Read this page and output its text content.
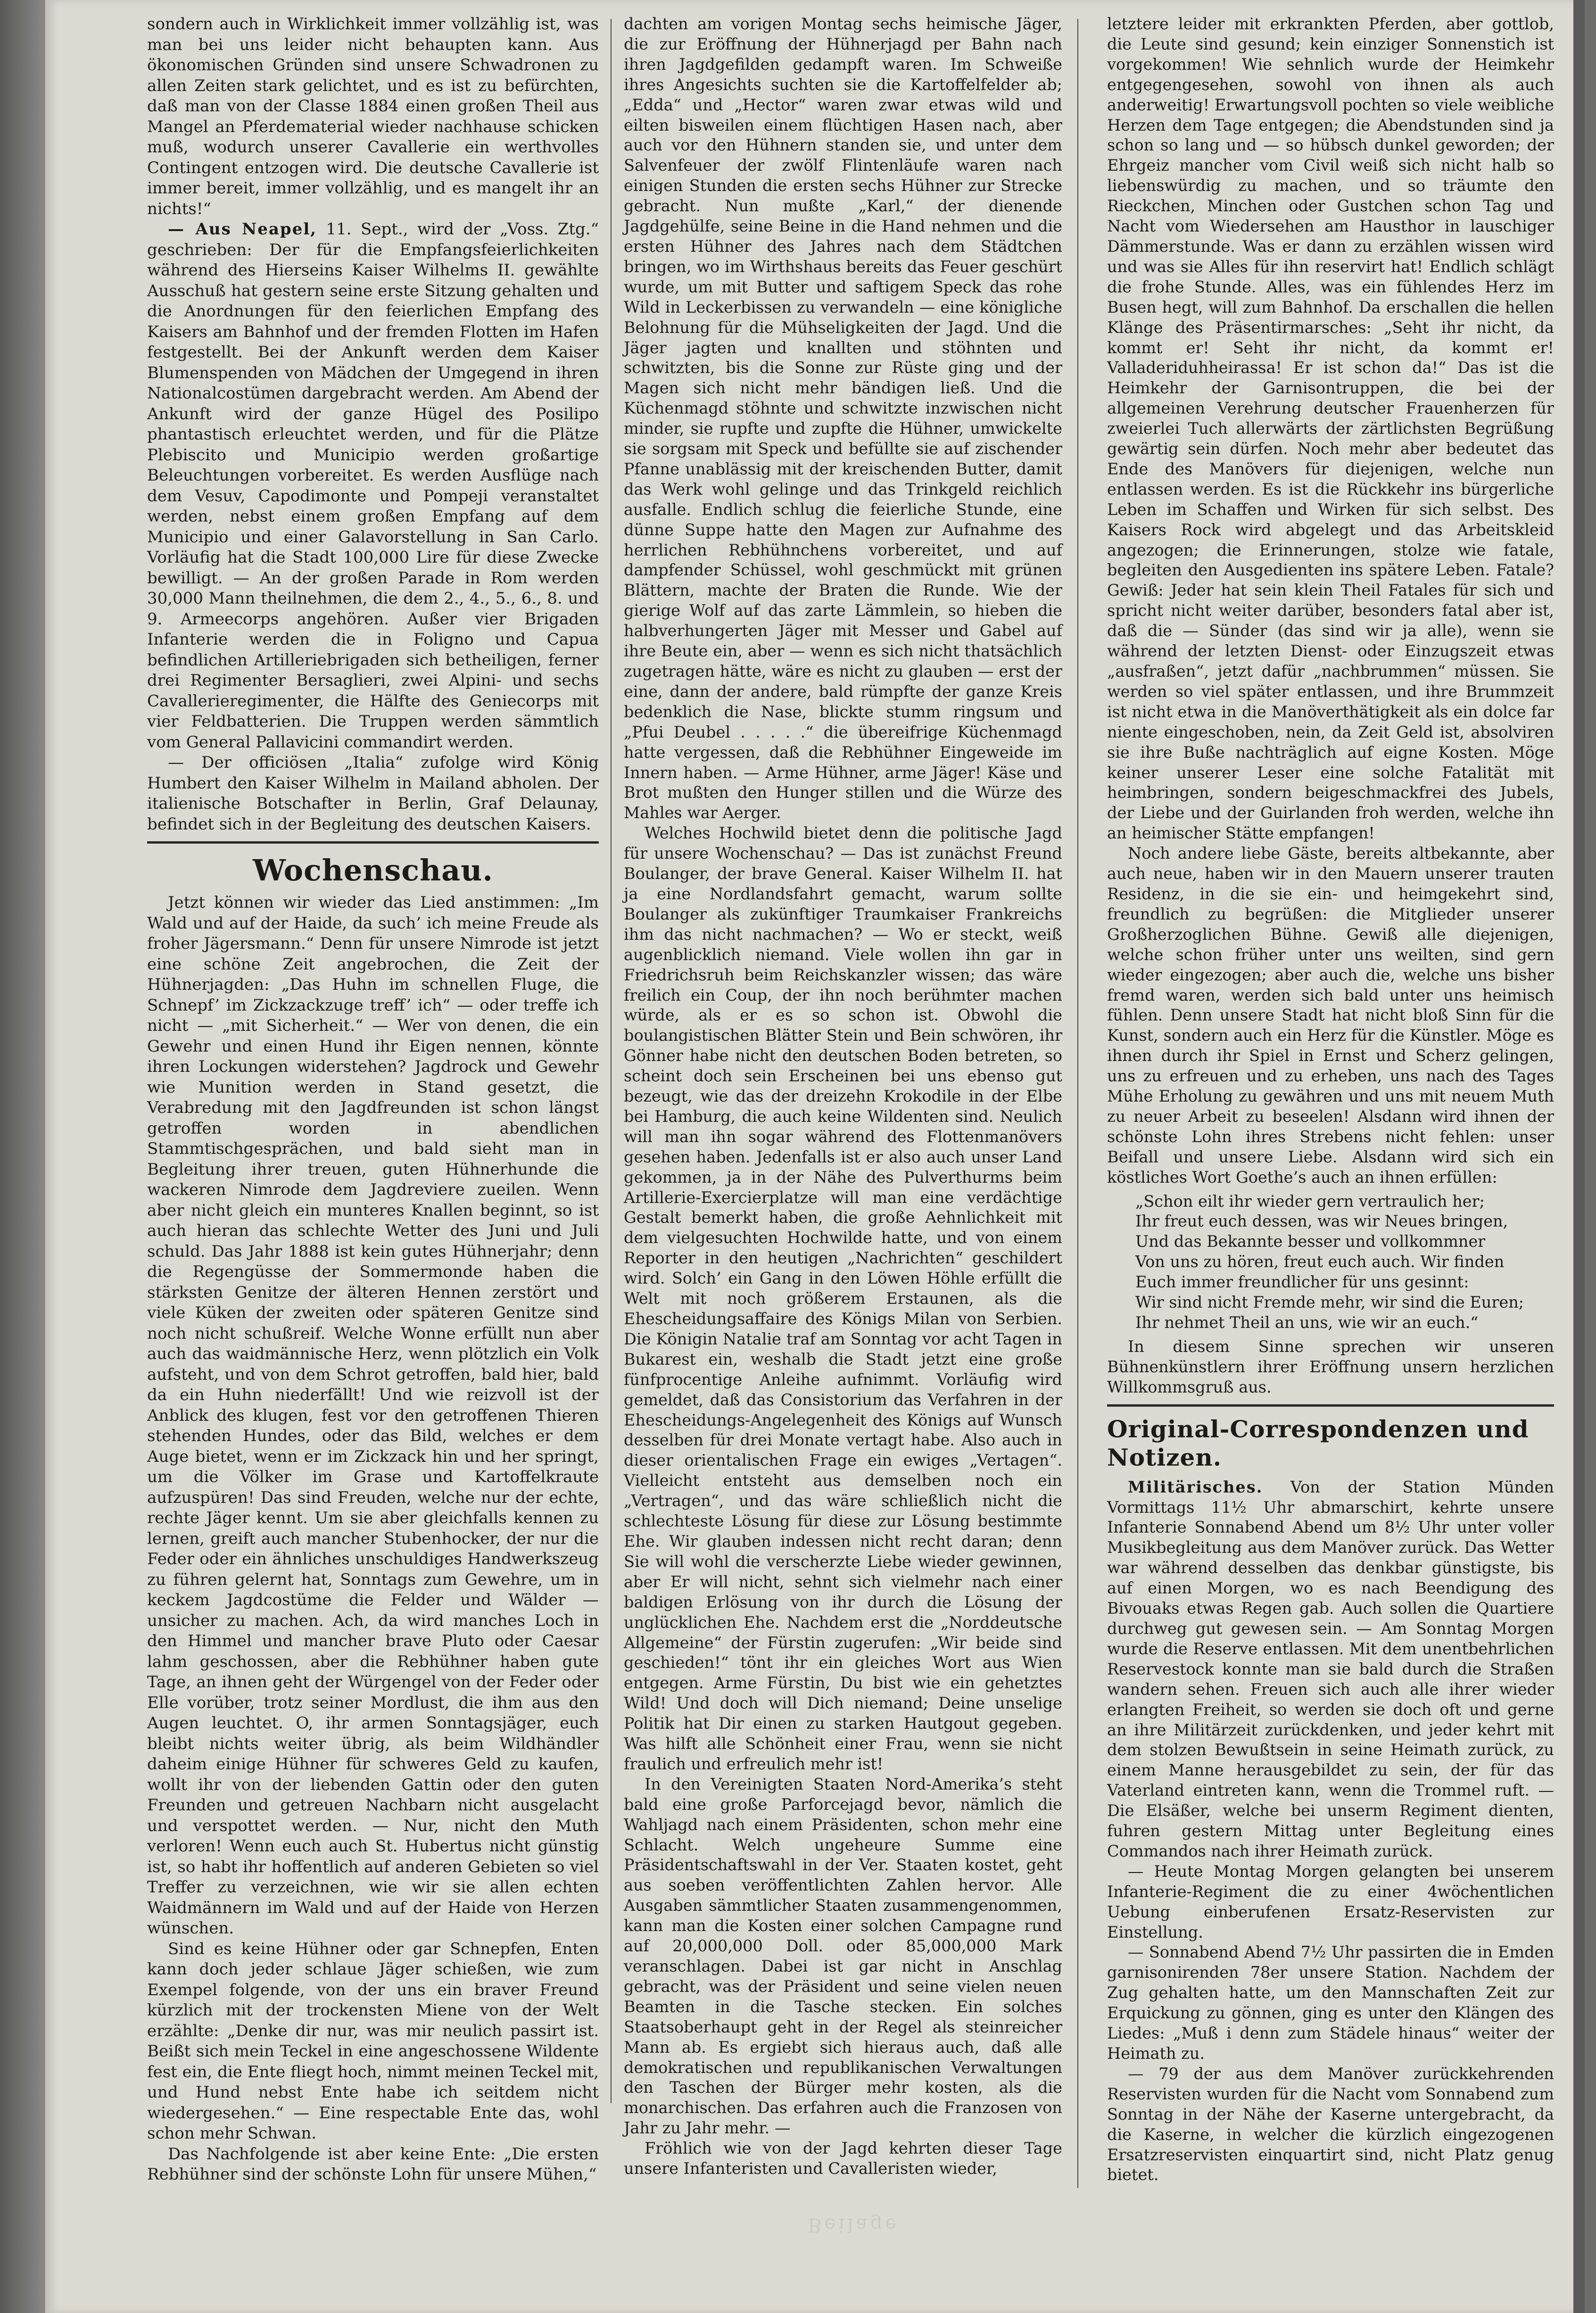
sondern auch in Wirklichkeit immer vollzählig ist, was man bei uns leider nicht behaupten kann. Aus ökonomischen Gründen sind unsere Schwadronen zu allen Zeiten stark gelichtet, und es ist zu befürchten, daß man von der Classe 1884 einen großen Theil aus Mangel an Pferdematerial wieder nachhause schicken muß, wodurch unserer Cavallerie ein werthvolles Contingent entzogen wird. Die deutsche Cavallerie ist immer bereit, immer vollzählig, und es mangelt ihr an nichts!“

— Aus Neapel, 11. Sept., wird der „Voss. Ztg.“ geschrieben: Der für die Empfangsfeierlichkeiten während des Hierseins Kaiser Wilhelms II. gewählte Ausschuß hat gestern seine erste Sitzung gehalten und die Anordnungen für den feierlichen Empfang des Kaisers am Bahnhof und der fremden Flotten im Hafen festgestellt. Bei der Ankunft werden dem Kaiser Blumenspenden von Mädchen der Umgegend in ihren Nationalcostümen dargebracht werden. Am Abend der Ankunft wird der ganze Hügel des Posilipo phantastisch erleuchtet werden, und für die Plätze Plebiscito und Municipio werden großartige Beleuchtungen vorbereitet. Es werden Ausflüge nach dem Vesuv, Capodimonte und Pompeji veranstaltet werden, nebst einem großen Empfang auf dem Municipio und einer Galavorstellung in San Carlo. Vorläufig hat die Stadt 100,000 Lire für diese Zwecke bewilligt. — An der großen Parade in Rom werden 30,000 Mann theilnehmen, die dem 2., 4., 5., 6., 8. und 9. Armeecorps angehören. Außer vier Brigaden Infanterie werden die in Foligno und Capua befindlichen Artilleriebrigaden sich betheiligen, ferner drei Regimenter Bersaglieri, zwei Alpini- und sechs Cavallerieregimenter, die Hälfte des Geniecorps mit vier Feldbatterien. Die Truppen werden sämmtlich vom General Pallavicini commandirt werden.

— Der officiösen „Italia“ zufolge wird König Humbert den Kaiser Wilhelm in Mailand abholen. Der italienische Botschafter in Berlin, Graf Delaunay, befindet sich in der Begleitung des deutschen Kaisers.

Wochenschau.

Jetzt können wir wieder das Lied anstimmen: „Im Wald und auf der Haide, da such’ ich meine Freude als froher Jägersmann.“ Denn für unsere Nimrode ist jetzt eine schöne Zeit angebrochen, die Zeit der Hühnerjagden: „Das Huhn im schnellen Fluge, die Schnepf’ im Zickzackzuge treff’ ich“ — oder treffe ich nicht — „mit Sicherheit.“ — Wer von denen, die ein Gewehr und einen Hund ihr Eigen nennen, könnte ihren Lockungen widerstehen? Jagdrock und Gewehr wie Munition werden in Stand gesetzt, die Verabredung mit den Jagdfreunden ist schon längst getroffen worden in abendlichen Stammtischgesprächen, und bald sieht man in Begleitung ihrer treuen, guten Hühnerhunde die wackeren Nimrode dem Jagdreviere zueilen. Wenn aber nicht gleich ein munteres Knallen beginnt, so ist auch hieran das schlechte Wetter des Juni und Juli schuld. Das Jahr 1888 ist kein gutes Hühnerjahr; denn die Regengüsse der Sommermonde haben die stärksten Genitze der älteren Hennen zerstört und viele Küken der zweiten oder späteren Genitze sind noch nicht schußreif. Welche Wonne erfüllt nun aber auch das waidmännische Herz, wenn plötzlich ein Volk aufsteht, und von dem Schrot getroffen, bald hier, bald da ein Huhn niederfällt! Und wie reizvoll ist der Anblick des klugen, fest vor den getroffenen Thieren stehenden Hundes, oder das Bild, welches er dem Auge bietet, wenn er im Zickzack hin und her springt, um die Völker im Grase und Kartoffelkraute aufzuspüren! Das sind Freuden, welche nur der echte, rechte Jäger kennt. Um sie aber gleichfalls kennen zu lernen, greift auch mancher Stubenhocker, der nur die Feder oder ein ähnliches unschuldiges Handwerkszeug zu führen gelernt hat, Sonntags zum Gewehre, um in keckem Jagdcostüme die Felder und Wälder — unsicher zu machen. Ach, da wird manches Loch in den Himmel und mancher brave Pluto oder Caesar lahm geschossen, aber die Rebhühner haben gute Tage, an ihnen geht der Würgengel von der Feder oder Elle vorüber, trotz seiner Mordlust, die ihm aus den Augen leuchtet. O, ihr armen Sonntagsjäger, euch bleibt nichts weiter übrig, als beim Wildhändler daheim einige Hühner für schweres Geld zu kaufen, wollt ihr von der liebenden Gattin oder den guten Freunden und getreuen Nachbarn nicht ausgelacht und verspottet werden. — Nur, nicht den Muth verloren! Wenn euch auch St. Hubertus nicht günstig ist, so habt ihr hoffentlich auf anderen Gebieten so viel Treffer zu verzeichnen, wie wir sie allen echten Waidmännern im Wald und auf der Haide von Herzen wünschen.

Sind es keine Hühner oder gar Schnepfen, Enten kann doch jeder schlaue Jäger schießen, wie zum Exempel folgende, von der uns ein braver Freund kürzlich mit der trockensten Miene von der Welt erzählte: „Denke dir nur, was mir neulich passirt ist. Beißt sich mein Teckel in eine angeschossene Wildente fest ein, die Ente fliegt hoch, nimmt meinen Teckel mit, und Hund nebst Ente habe ich seitdem nicht wiedergesehen.“ — Eine respectable Ente das, wohl schon mehr Schwan.

Das Nachfolgende ist aber keine Ente: „Die ersten Rebhühner sind der schönste Lohn für unsere Mühen,“

dachten am vorigen Montag sechs heimische Jäger, die zur Eröffnung der Hühnerjagd per Bahn nach ihren Jagdgefilden gedampft waren. Im Schweiße ihres Angesichts suchten sie die Kartoffelfelder ab; „Edda“ und „Hector“ waren zwar etwas wild und eilten bisweilen einem flüchtigen Hasen nach, aber auch vor den Hühnern standen sie, und unter dem Salvenfeuer der zwölf Flintenläufe waren nach einigen Stunden die ersten sechs Hühner zur Strecke gebracht. Nun mußte „Karl,“ der dienende Jagdgehülfe, seine Beine in die Hand nehmen und die ersten Hühner des Jahres nach dem Städtchen bringen, wo im Wirthshaus bereits das Feuer geschürt wurde, um mit Butter und saftigem Speck das rohe Wild in Leckerbissen zu verwandeln — eine königliche Belohnung für die Mühseligkeiten der Jagd. Und die Jäger jagten und knallten und stöhnten und schwitzten, bis die Sonne zur Rüste ging und der Magen sich nicht mehr bändigen ließ. Und die Küchenmagd stöhnte und schwitzte inzwischen nicht minder, sie rupfte und zupfte die Hühner, umwickelte sie sorgsam mit Speck und befüllte sie auf zischender Pfanne unablässig mit der kreischenden Butter, damit das Werk wohl gelinge und das Trinkgeld reichlich ausfalle. Endlich schlug die feierliche Stunde, eine dünne Suppe hatte den Magen zur Aufnahme des herrlichen Rebhühnchens vorbereitet, und auf dampfender Schüssel, wohl geschmückt mit grünen Blättern, machte der Braten die Runde. Wie der gierige Wolf auf das zarte Lämmlein, so hieben die halbverhungerten Jäger mit Messer und Gabel auf ihre Beute ein, aber — wenn es sich nicht thatsächlich zugetragen hätte, wäre es nicht zu glauben — erst der eine, dann der andere, bald rümpfte der ganze Kreis bedenklich die Nase, blickte stumm ringsum und „Pfui Deubel . . . . .“ die übereifrige Küchenmagd hatte vergessen, daß die Rebhühner Eingeweide im Innern haben. — Arme Hühner, arme Jäger! Käse und Brot mußten den Hunger stillen und die Würze des Mahles war Aerger.

Welches Hochwild bietet denn die politische Jagd für unsere Wochenschau? — Das ist zunächst Freund Boulanger, der brave General. Kaiser Wilhelm II. hat ja eine Nordlandsfahrt gemacht, warum sollte Boulanger als zukünftiger Traumkaiser Frankreichs ihm das nicht nachmachen? — Wo er steckt, weiß augenblicklich niemand. Viele wollen ihn gar in Friedrichsruh beim Reichskanzler wissen; das wäre freilich ein Coup, der ihn noch berühmter machen würde, als er es so schon ist. Obwohl die boulangistischen Blätter Stein und Bein schwören, ihr Gönner habe nicht den deutschen Boden betreten, so scheint doch sein Erscheinen bei uns ebenso gut bezeugt, wie das der dreizehn Krokodile in der Elbe bei Hamburg, die auch keine Wildenten sind. Neulich will man ihn sogar während des Flottenmanövers gesehen haben. Jedenfalls ist er also auch unser Land gekommen, ja in der Nähe des Pulverthurms beim Artillerie-Exercierplatze will man eine verdächtige Gestalt bemerkt haben, die große Aehnlichkeit mit dem vielgesuchten Hochwilde hatte, und von einem Reporter in den heutigen „Nachrichten“ geschildert wird. Solch’ ein Gang in den Löwen Höhle erfüllt die Welt mit noch größerem Erstaunen, als die Ehescheidungsaffaire des Königs Milan von Serbien. Die Königin Natalie traf am Sonntag vor acht Tagen in Bukarest ein, weshalb die Stadt jetzt eine große fünfprocentige Anleihe aufnimmt. Vorläufig wird gemeldet, daß das Consistorium das Verfahren in der Ehescheidungs-Angelegenheit des Königs auf Wunsch desselben für drei Monate vertagt habe. Also auch in dieser orientalischen Frage ein ewiges „Vertagen“. Vielleicht entsteht aus demselben noch ein „Vertragen“, und das wäre schließlich nicht die schlechteste Lösung für diese zur Lösung bestimmte Ehe. Wir glauben indessen nicht recht daran; denn Sie will wohl die verscherzte Liebe wieder gewinnen, aber Er will nicht, sehnt sich vielmehr nach einer baldigen Erlösung von ihr durch die Lösung der unglücklichen Ehe. Nachdem erst die „Norddeutsche Allgemeine“ der Fürstin zugerufen: „Wir beide sind geschieden!“ tönt ihr ein gleiches Wort aus Wien entgegen. Arme Fürstin, Du bist wie ein gehetztes Wild! Und doch will Dich niemand; Deine unselige Politik hat Dir einen zu starken Hautgout gegeben. Was hilft alle Schönheit einer Frau, wenn sie nicht fraulich und erfreulich mehr ist!

In den Vereinigten Staaten Nord-Amerika’s steht bald eine große Parforcejagd bevor, nämlich die Wahljagd nach einem Präsidenten, schon mehr eine Schlacht. Welch ungeheure Summe eine Präsidentschaftswahl in der Ver. Staaten kostet, geht aus soeben veröffentlichten Zahlen hervor. Alle Ausgaben sämmtlicher Staaten zusammengenommen, kann man die Kosten einer solchen Campagne rund auf 20,000,000 Doll. oder 85,000,000 Mark veranschlagen. Dabei ist gar nicht in Anschlag gebracht, was der Präsident und seine vielen neuen Beamten in die Tasche stecken. Ein solches Staatsoberhaupt geht in der Regel als steinreicher Mann ab. Es ergiebt sich hieraus auch, daß alle demokratischen und republikanischen Verwaltungen den Taschen der Bürger mehr kosten, als die monarchischen. Das erfahren auch die Franzosen von Jahr zu Jahr mehr. —

Fröhlich wie von der Jagd kehrten dieser Tage unsere Infanteristen und Cavalleristen wieder,

letztere leider mit erkrankten Pferden, aber gottlob, die Leute sind gesund; kein einziger Sonnenstich ist vorgekommen! Wie sehnlich wurde der Heimkehr entgegengesehen, sowohl von ihnen als auch anderweitig! Erwartungsvoll pochten so viele weibliche Herzen dem Tage entgegen; die Abendstunden sind ja schon so lang und — so hübsch dunkel geworden; der Ehrgeiz mancher vom Civil weiß sich nicht halb so liebenswürdig zu machen, und so träumte den Rieckchen, Minchen oder Gustchen schon Tag und Nacht vom Wiedersehen am Hausthor in lauschiger Dämmerstunde. Was er dann zu erzählen wissen wird und was sie Alles für ihn reservirt hat! Endlich schlägt die frohe Stunde. Alles, was ein fühlendes Herz im Busen hegt, will zum Bahnhof. Da erschallen die hellen Klänge des Präsentirmarsches: „Seht ihr nicht, da kommt er! Seht ihr nicht, da kommt er! Valladeriduhheirassa! Er ist schon da!“ Das ist die Heimkehr der Garnisontruppen, die bei der allgemeinen Verehrung deutscher Frauenherzen für zweierlei Tuch allerwärts der zärtlichsten Begrüßung gewärtig sein dürfen. Noch mehr aber bedeutet das Ende des Manövers für diejenigen, welche nun entlassen werden. Es ist die Rückkehr ins bürgerliche Leben im Schaffen und Wirken für sich selbst. Des Kaisers Rock wird abgelegt und das Arbeitskleid angezogen; die Erinnerungen, stolze wie fatale, begleiten den Ausgedienten ins spätere Leben. Fatale? Gewiß: Jeder hat sein klein Theil Fatales für sich und spricht nicht weiter darüber, besonders fatal aber ist, daß die — Sünder (das sind wir ja alle), wenn sie während der letzten Dienst- oder Einzugszeit etwas „ausfraßen“, jetzt dafür „nachbrummen“ müssen. Sie werden so viel später entlassen, und ihre Brummzeit ist nicht etwa in die Manöverthätigkeit als ein dolce far niente eingeschoben, nein, da Zeit Geld ist, absolviren sie ihre Buße nachträglich auf eigne Kosten. Möge keiner unserer Leser eine solche Fatalität mit heimbringen, sondern beigeschmackfrei des Jubels, der Liebe und der Guirlanden froh werden, welche ihn an heimischer Stätte empfangen!

Noch andere liebe Gäste, bereits altbekannte, aber auch neue, haben wir in den Mauern unserer trauten Residenz, in die sie ein- und heimgekehrt sind, freundlich zu begrüßen: die Mitglieder unserer Großherzoglichen Bühne. Gewiß alle diejenigen, welche schon früher unter uns weilten, sind gern wieder eingezogen; aber auch die, welche uns bisher fremd waren, werden sich bald unter uns heimisch fühlen. Denn unsere Stadt hat nicht bloß Sinn für die Kunst, sondern auch ein Herz für die Künstler. Möge es ihnen durch ihr Spiel in Ernst und Scherz gelingen, uns zu erfreuen und zu erheben, uns nach des Tages Mühe Erholung zu gewähren und uns mit neuem Muth zu neuer Arbeit zu beseelen! Alsdann wird ihnen der schönste Lohn ihres Strebens nicht fehlen: unser Beifall und unsere Liebe. Alsdann wird sich ein köstliches Wort Goethe’s auch an ihnen erfüllen:

„Schon eilt ihr wieder gern vertraulich her;
Ihr freut euch dessen, was wir Neues bringen,
Und das Bekannte besser und vollkommner
Von uns zu hören, freut euch auch. Wir finden
Euch immer freundlicher für uns gesinnt:
Wir sind nicht Fremde mehr, wir sind die Euren;
Ihr nehmet Theil an uns, wie wir an euch.“

In diesem Sinne sprechen wir unseren Bühnenkünstlern ihrer Eröffnung unsern herzlichen Willkommsgruß aus.

Original-Correspondenzen und Notizen.

Militärisches. Von der Station Münden Vormittags 11½ Uhr abmarschirt, kehrte unsere Infanterie Sonnabend Abend um 8½ Uhr unter voller Musikbegleitung aus dem Manöver zurück. Das Wetter war während desselben das denkbar günstigste, bis auf einen Morgen, wo es nach Beendigung des Bivouaks etwas Regen gab. Auch sollen die Quartiere durchweg gut gewesen sein. — Am Sonntag Morgen wurde die Reserve entlassen. Mit dem unentbehrlichen Reservestock konnte man sie bald durch die Straßen wandern sehen. Freuen sich auch alle ihrer wieder erlangten Freiheit, so werden sie doch oft und gerne an ihre Militärzeit zurückdenken, und jeder kehrt mit dem stolzen Bewußtsein in seine Heimath zurück, zu einem Manne herausgebildet zu sein, der für das Vaterland eintreten kann, wenn die Trommel ruft. — Die Elsäßer, welche bei unserm Regiment dienten, fuhren gestern Mittag unter Begleitung eines Commandos nach ihrer Heimath zurück.

— Heute Montag Morgen gelangten bei unserem Infanterie-Regiment die zu einer 4wöchentlichen Uebung einberufenen Ersatz-Reservisten zur Einstellung.

— Sonnabend Abend 7½ Uhr passirten die in Emden garnisonirenden 78er unsere Station. Nachdem der Zug gehalten hatte, um den Mannschaften Zeit zur Erquickung zu gönnen, ging es unter den Klängen des Liedes: „Muß i denn zum Städele hinaus“ weiter der Heimath zu.

— 79 der aus dem Manöver zurückkehrenden Reservisten wurden für die Nacht vom Sonnabend zum Sonntag in der Nähe der Kaserne untergebracht, da die Kaserne, in welcher die kürzlich eingezogenen Ersatzreservisten einquartirt sind, nicht Platz genug bietet.

Beilage
